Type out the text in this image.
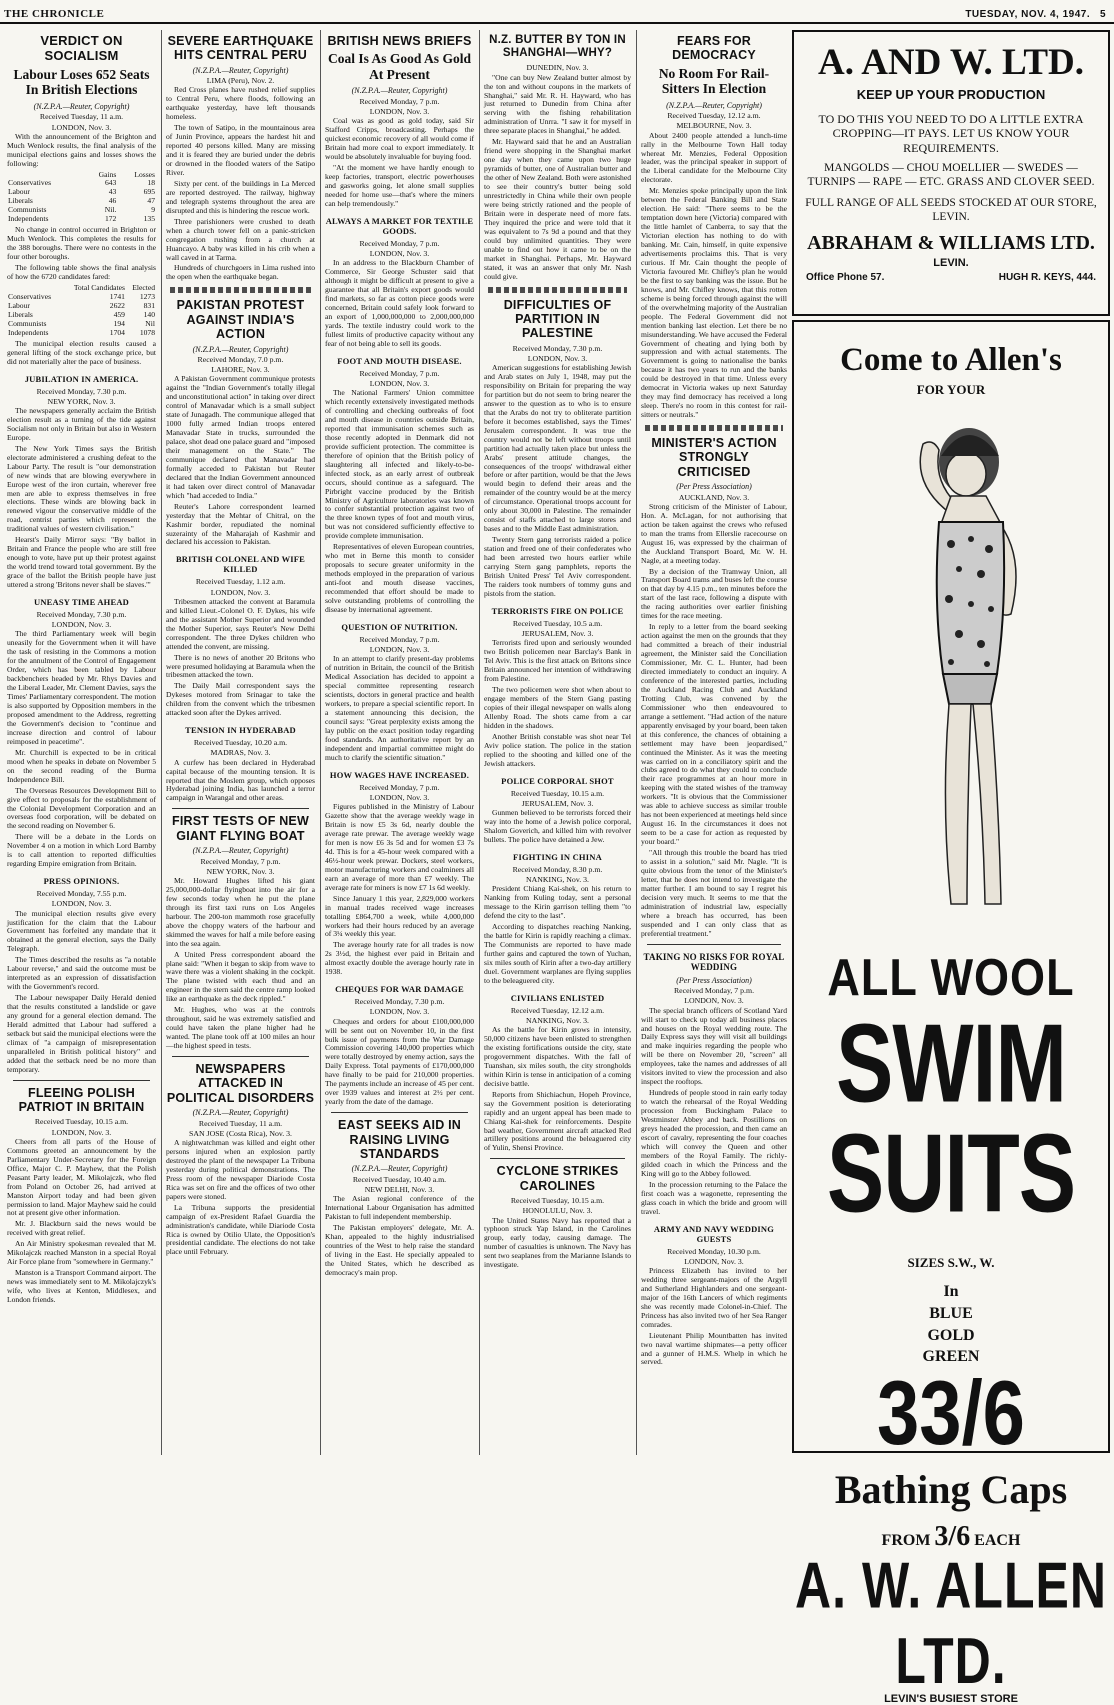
THE CHRONICLE	TUESDAY, NOV. 4, 1947. 5
VERDICT ON SOCIALISM
Labour Loses 652 Seats In British Elections
(N.Z.P.A.—Reuter, Copyright)
Received Tuesday, 11 a.m.
LONDON, Nov. 3.

With the announcement of the Brighton and Much Wenlock results, the final analysis of the municipal elections gains and losses shows the following:

	Gains	Losses
Conservatives	643	18
Labour	43	695
Liberals	46	47
Communists	Nil.	9
Independents	172	135

No change in control occurred in Brighton or Much Wenlock. This completes the results for the 388 boroughs. There were no contests in the four other boroughs.

The following table shows the final analysis of how the 6720 candidates fared:

	Total Candidates	Elected
Conservatives	1741	1273
Labour	2622	831
Liberals	459	140
Communists	194	Nil
Independents	1704	1078

The municipal election results caused a general lifting of the stock exchange price, but did not materially alter the pace of business.

JUBILATION IN AMERICA.
Received Monday, 7.30 p.m.
NEW YORK, Nov. 3.

The newspapers generally acclaim the British election result as a turning of the tide against Socialism not only in Britain but also in Western Europe.

The New York Times says the British electorate administered a crushing defeat to the Labour Party. The result is "our demonstration of new winds that are blowing everywhere in Europe west of the iron curtain, wherever free men are able to express themselves in free elections. These winds are blowing back in renewed vigour the conservative middle of the road, centrist parties which represent the traditional values of western civilisation."

Hearst's Daily Mirror says: "By ballot in Britain and France the people who are still free enough to vote, have put up their protest against the world trend toward total government. By the grace of the ballot the British people have just uttered a strong 'Britons never shall be slaves.'"

UNEASY TIME AHEAD
Received Monday, 7.30 p.m.
LONDON, Nov. 3.

The third Parliamentary week will begin uneasily for the Government when it will have the task of resisting in the Commons a motion for the annulment of the Control of Engagement Order, which has been tabled by Labour backbenchers headed by Mr. Rhys Davies and the Liberal Leader, Mr. Clement Davies, says the Times' Parliamentary correspondent. The motion is also supported by Opposition members in the proposed amendment to the Address, regretting the Government's decision to "continue and increase direction and control of labour reimposed in peacetime".

Mr. Churchill is expected to be in critical mood when he speaks in debate on November 5 on the second reading of the Burma Independence Bill.

The Overseas Resources Development Bill to give effect to proposals for the establishment of the Colonial Development Corporation and an overseas food corporation, will be debated on the second reading on November 6.

There will be a debate in the Lords on November 4 on a motion in which Lord Barnby is to call attention to reported difficulties regarding Empire emigration from Britain.

PRESS OPINIONS.
Received Monday, 7.55 p.m.
LONDON, Nov. 3.

The municipal election results give every justification for the claim that the Labour Government has forfeited any mandate that it obtained at the general election, says the Daily Telegraph.

The Times described the results as "a notable Labour reverse," and said the outcome must be interpreted as an expression of dissatisfaction with the Government's record.

The Labour newspaper Daily Herald denied that the results constituted a landslide or gave any ground for a general election demand. The Herald admitted that Labour had suffered a setback but said the municipal elections were the climax of "a campaign of misrepresentation unparalleled in British political history" and added that the setback need be no more than temporary.

FLEEING POLISH PATRIOT IN BRITAIN
Received Tuesday, 10.15 a.m.
LONDON, Nov. 3.

Cheers from all parts of the House of Commons greeted an announcement by the Parliamentary Under-Secretary for the Foreign Office, Major C. P. Mayhew, that the Polish Peasant Party leader, M. Mikolajczk, who fled from Poland on October 26, had arrived at Manston Airport today and had been given permission to land. Major Mayhew said he could not at present give other information.

Mr. J. Blackburn said the news would be received with great relief.

An Air Ministry spokesman revealed that M. Mikolajczk reached Manston in a special Royal Air Force plane from "somewhere in Germany."

Manston is a Transport Command airport. The news was immediately sent to M. Mikolajczyk's wife, who lives at Kenton, Middlesex, and London friends.

SEVERE EARTHQUAKE HITS CENTRAL PERU
(N.Z.P.A.—Reuter, Copyright)
LIMA (Peru), Nov. 2.

Red Cross planes have rushed relief supplies to Central Peru, where floods, following an earthquake yesterday, have left thousands homeless.

The town of Satipo, in the mountainous area of Junin Province, appears the hardest hit and reported 40 persons killed. Many are missing and it is feared they are buried under the debris or drowned in the flooded waters of the Satipo River.

Sixty per cent. of the buildings in La Merced are reported destroyed. The railway, highway and telegraph systems throughout the area are disrupted and this is hindering the rescue work.

Three parishioners were crushed to death when a church tower fell on a panic-stricken congregation rushing from a church at Huancayo. A baby was killed in his crib when a wall caved in at Tarma.

Hundreds of churchgoers in Lima rushed into the open when the earthquake began.

PAKISTAN PROTEST AGAINST INDIA'S ACTION
(N.Z.P.A.—Reuter, Copyright)
Received Monday, 7.0 p.m.
LAHORE, Nov. 3.

A Pakistan Government communique protests against the "Indian Government's totally illegal and unconstitutional action" in taking over direct control of Manavadar which is a small subject state of Junagadh. The communique alleged that 1000 fully armed Indian troops entered Manavadar State in trucks, surrounded the palace, shot dead one palace guard and "imposed their management on the State." The communique declared that Manavadar had formally acceded to Pakistan but Reuter declared that the Indian Government announced it had taken over direct control of Manavadar which "had acceded to India."

Reuter's Lahore correspondent learned yesterday that the Mehtar of Chitral, on the Kashmir border, repudiated the nominal suzerainty of the Maharajah of Kashmir and declared his accession to Pakistan.

BRITISH COLONEL AND WIFE KILLED
Received Tuesday, 1.12 a.m.
LONDON, Nov. 3.

Tribesmen attacked the convent at Baramula and killed Lieut.-Colonel O. F. Dykes, his wife and the assistant Mother Superior and wounded the Mother Superior, says Reuter's New Delhi correspondent. The three Dykes children who attended the convent, are missing.

There is no news of another 20 Britons who were presumed holidaying at Baramula when the tribesmen attacked the town.

The Daily Mail correspondent says the Dykeses motored from Srinagar to take the children from the convent which the tribesmen attacked soon after the Dykes arrived.

TENSION IN HYDERABAD
Received Tuesday, 10.20 a.m.
MADRAS, Nov. 3.

A curfew has been declared in Hyderabad capital because of the mounting tension. It is reported that the Moslem group, which opposes Hyderabad joining India, has launched a terror campaign in Warangal and other areas.

FIRST TESTS OF NEW GIANT FLYING BOAT
(N.Z.P.A.—Reuter, Copyright)
Received Monday, 7 p.m.
NEW YORK, Nov. 3.

Mr. Howard Hughes lifted his giant 25,000,000-dollar flyingboat into the air for a few seconds today when he put the plane through its first taxi runs on Los Angeles harbour. The 200-ton mammoth rose gracefully above the choppy waters of the harbour and skimmed the waves for half a mile before easing into the sea again.

A United Press correspondent aboard the plane said: "When it began to skip from wave to wave there was a violent shaking in the cockpit. The plane twisted with each thud and an engineer in the stern said the centre ramp looked like an earthquake as the deck rippled."

Mr. Hughes, who was at the controls throughout, said he was extremely satisfied and could have taken the plane higher had he wanted. The plane took off at 100 miles an hour—the highest speed in tests.

NEWSPAPERS ATTACKED IN POLITICAL DISORDERS
(N.Z.P.A.—Reuter, Copyright)
Received Tuesday, 11 a.m.
SAN JOSE (Costa Rica), Nov. 3.

A nightwatchman was killed and eight other persons injured when an explosion partly destroyed the plant of the newspaper La Tribuna yesterday during political demonstrations. The Press room of the newspaper Diariode Costa Rica was set on fire and the offices of two other papers were stoned.

La Tribuna supports the presidential campaign of ex-President Rafael Guardia the administration's candidate, while Diariode Costa Rica is owned by Otilio Ulate, the Opposition's presidential candidate. The elections do not take place until February.

BRITISH NEWS BRIEFS
Coal Is As Good As Gold At Present
(N.Z.P.A.—Reuter, Copyright)
Received Monday, 7 p.m.
LONDON, Nov. 3.

Coal was as good as gold today, said Sir Stafford Cripps, broadcasting. Perhaps the quickest economic recovery of all would come if Britain had more coal to export immediately. It would be absolutely invaluable for buying food.

"At the moment we have hardly enough to keep factories, transport, electric powerhouses and gasworks going, let alone small supplies needed for home use—that's where the miners can help tremendously."

ALWAYS A MARKET FOR TEXTILE GOODS.
Received Monday, 7 p.m.
LONDON, Nov. 3.

In an address to the Blackburn Chamber of Commerce, Sir George Schuster said that although it might be difficult at present to give a guarantee that all Britain's export goods would find markets, so far as cotton piece goods were concerned, Britain could safely look forward to an export of 1,000,000,000 to 2,000,000,000 yards. The textile industry could work to the fullest limits of productive capacity without any fear of not being able to sell its goods.

FOOT AND MOUTH DISEASE.
Received Monday, 7 p.m.
LONDON, Nov. 3.

The National Farmers' Union committee which recently extensively investigated methods of controlling and checking outbreaks of foot and mouth disease in countries outside Britain, reported that immunisation schemes such as those recently adopted in Denmark did not provide sufficient protection. The committee is therefore of opinion that the British policy of slaughtering all infected and likely-to-be-infected stock, as an early arrest of outbreak occurs, should continue as a safeguard. The Pirbright vaccine produced by the British Ministry of Agriculture laboratories was known to confer substantial protection against two of the three known types of foot and mouth virus, but was not considered sufficiently effective to provide complete immunisation.

Representatives of eleven European countries, who met in Berne this month to consider proposals to secure greater uniformity in the methods employed in the preparation of various anti-foot and mouth disease vaccines, recommended that effort should be made to solve outstanding problems of controlling the disease by international agreement.

QUESTION OF NUTRITION.
Received Monday, 7 p.m.
LONDON, Nov. 3.

In an attempt to clarify present-day problems of nutrition in Britain, the council of the British Medical Association has decided to appoint a special committee representing research scientists, doctors in general practice and health workers, to prepare a special scientific report. In a statement announcing this decision, the council says: "Great perplexity exists among the lay public on the exact position today regarding food standards. An authoritative report by an independent and impartial committee might do much to clarify the scientific situation."

HOW WAGES HAVE INCREASED.
Received Monday, 7 p.m.
LONDON, Nov. 3.

Figures published in the Ministry of Labour Gazette show that the average weekly wage in Britain is now £5 3s 6d, nearly double the average rate prewar. The average weekly wage for men is now £6 3s 5d and for women £3 7s 4d. This is for a 45-hour week compared with a 46½-hour week prewar. Dockers, steel workers, motor manufacturing workers and coalminers all earn an average of more than £7 weekly. The average rate for miners is now £7 1s 6d weekly.

Since January 1 this year, 2,829,000 workers in manual trades received wage increases totalling £864,700 a week, while 4,000,000 workers had their hours reduced by an average of 3¼ weekly this year.

The average hourly rate for all trades is now 2s 3½d, the highest ever paid in Britain and almost exactly double the average hourly rate in 1938.

CHEQUES FOR WAR DAMAGE
Received Monday, 7.30 p.m.
LONDON, Nov. 3.

Cheques and orders for about £100,000,000 will be sent out on November 10, in the first bulk issue of payments from the War Damage Commission covering 140,000 properties which were totally destroyed by enemy action, says the Daily Express. Total payments of £170,000,000 have finally to be paid for 210,000 properties. The payments include an increase of 45 per cent. over 1939 values and interest at 2½ per cent. yearly from the date of the damage.

EAST SEEKS AID IN RAISING LIVING STANDARDS
(N.Z.P.A.—Reuter, Copyright)
Received Tuesday, 10.40 a.m.
NEW DELHI, Nov. 3.

The Asian regional conference of the International Labour Organisation has admitted Pakistan to full independent membership.

The Pakistan employers' delegate, Mr. A. Khan, appealed to the highly industrialised countries of the West to help raise the standard of living in the East. He specially appealed to the United States, which he described as democracy's main prop.

N.Z. BUTTER BY TON IN SHANGHAI—WHY?
DUNEDIN, Nov. 3.

"One can buy New Zealand butter almost by the ton and without coupons in the markets of Shanghai," said Mr. R. H. Hayward, who has just returned to Dunedin from China after serving with the fishing rehabilitation administration of Unrra. "I saw it for myself in three separate places in Shanghai," he added.

Mr. Hayward said that he and an Australian friend were shopping in the Shanghai market one day when they came upon two huge pyramids of butter, one of Australian butter and the other of New Zealand. Both were astonished to see their country's butter being sold unrestrictedly in China while their own people were being strictly rationed and the people of Britain were in desperate need of more fats. They inquired the price and were told that it was equivalent to 7s 9d a pound and that they could buy unlimited quantities. They were unable to find out how it came to be on the market in Shanghai. Perhaps, Mr. Hayward stated, it was an answer that only Mr. Nash could give.

DIFFICULTIES OF PARTITION IN PALESTINE
Received Monday, 7.30 p.m.
LONDON, Nov. 3.

American suggestions for establishing Jewish and Arab states on July 1, 1948, may put the responsibility on Britain for preparing the way for partition but do not seem to bring nearer the answer to the question as to who is to ensure that the Arabs do not try to obliterate partition before it becomes established, says the Times' Jerusalem correspondent. It was true the country would not be left without troops until partition had actually taken place but unless the Arabs' present attitude changes, the consequences of the troops' withdrawal either before or after partition, would be that the Jews would begin to defend their areas and the remainder of the country would be at the mercy of circumstance. Operational troops account for only about 30,000 in Palestine. The remainder consist of staffs attached to large stores and bases and to the Middle East administration.

Twenty Stern gang terrorists raided a police station and freed one of their confederates who had been arrested two hours earlier while carrying Stern gang pamphlets, reports the British United Press' Tel Aviv correspondent. The raiders took numbers of tommy guns and pistols from the station.

TERRORISTS FIRE ON POLICE
Received Tuesday, 10.5 a.m.
JERUSALEM, Nov. 3.

Terrorists fired upon and seriously wounded two British policemen near Barclay's Bank in Tel Aviv. This is the first attack on Britons since Britain announced her intention of withdrawing from Palestine.

The two policemen were shot when about to engage members of the Stern Gang pasting copies of their illegal newspaper on walls along Allenby Road. The shots came from a car hidden in the shadows.

Another British constable was shot near Tel Aviv police station. The police in the station replied to the shooting and killed one of the Jewish attackers.

POLICE CORPORAL SHOT
Received Tuesday, 10.15 a.m.
JERUSALEM, Nov. 3.

Gunmen believed to be terrorists forced their way into the home of a Jewish police corporal, Shalom Goverich, and killed him with revolver bullets. The police have detained a Jew.

FIGHTING IN CHINA
Received Monday, 8.30 p.m.
NANKING, Nov. 3.

President Chiang Kai-shek, on his return to Nanking from Kuling today, sent a personal message to the Kirin garrison telling them "to defend the city to the last".

According to dispatches reaching Nanking, the battle for Kirin is rapidly reaching a climax. The Communists are reported to have made further gains and captured the town of Yuchan, six miles south of Kirin after a two-day artillery duel. Government warplanes are flying supplies to the beleaguered city.

CIVILIANS ENLISTED
Received Tuesday, 12.12 a.m.
NANKING, Nov. 3.

As the battle for Kirin grows in intensity, 50,000 citizens have been enlisted to strengthen the existing fortifications outside the city, state progovernment dispatches. With the fall of Tuanshan, six miles south, the city strongholds within Kirin is tense in anticipation of a coming decisive battle.

Reports from Shichiachun, Hopeh Province, say the Government position is deteriorating rapidly and an urgent appeal has been made to Chiang Kai-shek for reinforcements. Despite bad weather, Government aircraft attacked Red artillery positions around the beleaguered city of Yulin, Shensi Province.

CYCLONE STRIKES CAROLINES
Received Tuesday, 10.15 a.m.
HONOLULU, Nov. 3.

The United States Navy has reported that a typhoon struck Yap Island, in the Carolines group, early today, causing damage. The number of casualties is unknown. The Navy has sent two seaplanes from the Marianne Islands to investigate.

FEARS FOR DEMOCRACY
No Room For Rail-Sitters In Election
(N.Z.P.A.—Reuter, Copyright)
Received Tuesday, 12.12 a.m.
MELBOURNE, Nov. 3.

About 2400 people attended a lunch-time rally in the Melbourne Town Hall today whereat Mr. Menzies, Federal Opposition leader, was the principal speaker in support of the Liberal candidate for the Melbourne City electorate.

Mr. Menzies spoke principally upon the link between the Federal Banking Bill and State election. He said: "There seems to be the temptation down here (Victoria) compared with the little hamlet of Canberra, to say that the Victorian election has nothing to do with banking. Mr. Cain, himself, in quite expensive advertisements proclaims this. That is very curious. If Mr. Cain thought the people of Victoria favoured Mr. Chifley's plan he would be the first to say banking was the issue. But he knows, and Mr. Chifley knows, that this rotten scheme is being forced through against the will of the overwhelming majority of the Australian people. The Federal Government did not mention banking last election. Let there be no misunderstanding. We have accused the Federal Government of cheating and lying both by suppression and with actual statements. The Government is going to nationalise the banks because it has two years to run and the banks could be destroyed in that time. Unless every democrat in Victoria wakes up next Saturday they may find democracy has received a long sleep. There's no room in this contest for rail-sitters or neutrals."

MINISTER'S ACTION STRONGLY CRITICISED
(Per Press Association)
AUCKLAND, Nov. 3.

Strong criticism of the Minister of Labour, Hon. A. McLagan, for not authorising that action be taken against the crews who refused to man the trams from Ellerslie racecourse on August 16, was expressed by the chairman of the Auckland Transport Board, Mr. W. H. Nagle, at a meeting today.

By a decision of the Tramway Union, all Transport Board trams and buses left the course on that day by 4.15 p.m., ten minutes before the start of the last race, following a dispute with the racing authorities over earlier finishing times for the race meeting.

In reply to a letter from the board seeking action against the men on the grounds that they had committed a breach of their industrial agreement, the Minister said the Conciliation Commissioner, Mr. C. L. Hunter, had been directed immediately to conduct an inquiry. A conference of the interested parties, including the Auckland Racing Club and Auckland Trotting Club, was convened by the Commissioner who then endeavoured to arrange a settlement. "Had action of the nature apparently envisaged by your board, been taken at this conference, the chances of obtaining a settlement may have been jeopardised," continued the Minister. As it was the meeting was carried on in a conciliatory spirit and the clubs agreed to do what they could to conclude their race programmes at an hour more in keeping with the stated wishes of the tramway workers. "It is obvious that the Commissioner was able to achieve success as similar trouble has not been experienced at meetings held since August 16. In the circumstances it does not seem to be a case for action as requested by your board."

"All through this trouble the board has tried to assist in a solution," said Mr. Nagle. "It is quite obvious from the tenor of the Minister's letter, that he does not intend to investigate the matter further. I am bound to say I regret his decision very much. It seems to me that the administration of industrial law, especially where a breach has occurred, has been suspended and I can only class that as preferential treatment."

TAKING NO RISKS FOR ROYAL WEDDING
(Per Press Association)
Received Monday, 7 p.m.
LONDON, Nov. 3.

The special branch officers of Scotland Yard will start to check up today all business places and houses on the Royal wedding route. The Daily Express says they will visit all buildings and make inquiries regarding the people who will be there on November 20, "screen" all employees, take the names and addresses of all visitors invited to view the procession and also inspect the rooftops.

Hundreds of people stood in rain early today to watch the rehearsal of the Royal Wedding procession from Buckingham Palace to Westminster Abbey and back. Postillions on greys headed the procession, and then came an escort of cavalry, representing the four coaches which will convey the Queen and other members of the Royal Family. The richly-gilded coach in which the Princess and the King will go to the Abbey followed.

In the procession returning to the Palace the first coach was a wagonette, representing the glass coach in which the bride and groom will travel.

ARMY AND NAVY WEDDING GUESTS
Received Monday, 10.30 p.m.
LONDON, Nov. 3.

Princess Elizabeth has invited to her wedding three sergeant-majors of the Argyll and Sutherland Highlanders and one sergeant-major of the 16th Lancers of which regiments she was recently made Colonel-in-Chief. The Princess has also invited two of her Sea Ranger comrades.

Lieutenant Philip Mountbatten has invited two naval wartime shipmates—a petty officer and a gunner of H.M.S. Whelp in which he served.

A. AND W. LTD.
KEEP UP YOUR PRODUCTION
TO DO THIS YOU NEED TO DO A LITTLE EXTRA CROPPING—IT PAYS. LET US KNOW YOUR REQUIREMENTS.
MANGOLDS — CHOU MOELLIER — SWEDES — TURNIPS — RAPE — ETC. GRASS AND CLOVER SEED.
FULL RANGE OF ALL SEEDS STOCKED AT OUR STORE, LEVIN.
ABRAHAM & WILLIAMS LTD.
LEVIN.
Office Phone 57.	HUGH R. KEYS, 444.
Come to Allen's
FOR YOUR
ALL WOOL
SWIM
SUITS
SIZES S.W., W.
In
BLUE
GOLD
GREEN
33/6
Bathing Caps
FROM 3/6 EACH
A. W. ALLEN LTD.
LEVIN'S BUSIEST STORE
